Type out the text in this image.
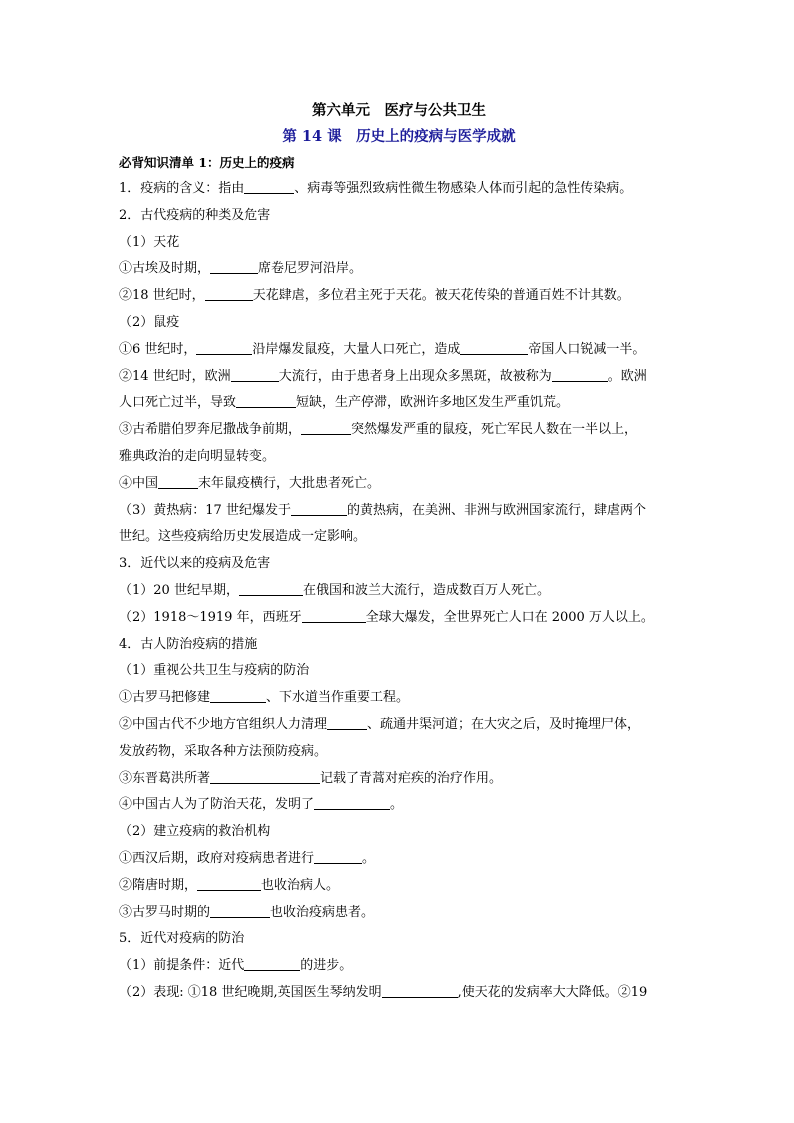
第六单元　医疗与公共卫生

第 14 课　历史上的疫病与医学成就

必背知识清单 1：历史上的疫病

1．疫病的含义：指由	、病毒等强烈致病性微生物感染人体而引起的急性传染病。

2．古代疫病的种类及危害

（1）天花

①古埃及时期，	席卷尼罗河沿岸。

②18 世纪时，	天花肆虐，多位君主死于天花。被天花传染的普通百姓不计其数。

（2）鼠疫

①6 世纪时，	沿岸爆发鼠疫，大量人口死亡，造成	帝国人口锐减一半。

②14 世纪时，欧洲	大流行，由于患者身上出现众多黑斑，故被称为	。欧洲

人口死亡过半，导致	短缺，生产停滞，欧洲许多地区发生严重饥荒。

③古希腊伯罗奔尼撒战争前期，	突然爆发严重的鼠疫，死亡军民人数在一半以上，

雅典政治的走向明显转变。

④中国	末年鼠疫横行，大批患者死亡。

（3）黄热病：17 世纪爆发于	的黄热病，在美洲、非洲与欧洲国家流行，肆虐两个

世纪。这些疫病给历史发展造成一定影响。

3．近代以来的疫病及危害

（1）20 世纪早期，	在俄国和波兰大流行，造成数百万人死亡。

（2）1918～1919 年，西班牙	全球大爆发，全世界死亡人口在 2000 万人以上。

4．古人防治疫病的措施

（1）重视公共卫生与疫病的防治

①古罗马把修建	、下水道当作重要工程。

②中国古代不少地方官组织人力清理	、疏通井渠河道；在大灾之后，及时掩埋尸体，

发放药物，采取各种方法预防疫病。

③东晋葛洪所著	记载了青蒿对疟疾的治疗作用。

④中国古人为了防治天花，发明了	。

（2）建立疫病的救治机构

①西汉后期，政府对疫病患者进行	。

②隋唐时期，	也收治病人。

③古罗马时期的	也收治疫病患者。

5．近代对疫病的防治

（1）前提条件：近代	的进步。

（2）表现: ①18 世纪晚期,英国医生琴纳发明	,使天花的发病率大大降低。②19
